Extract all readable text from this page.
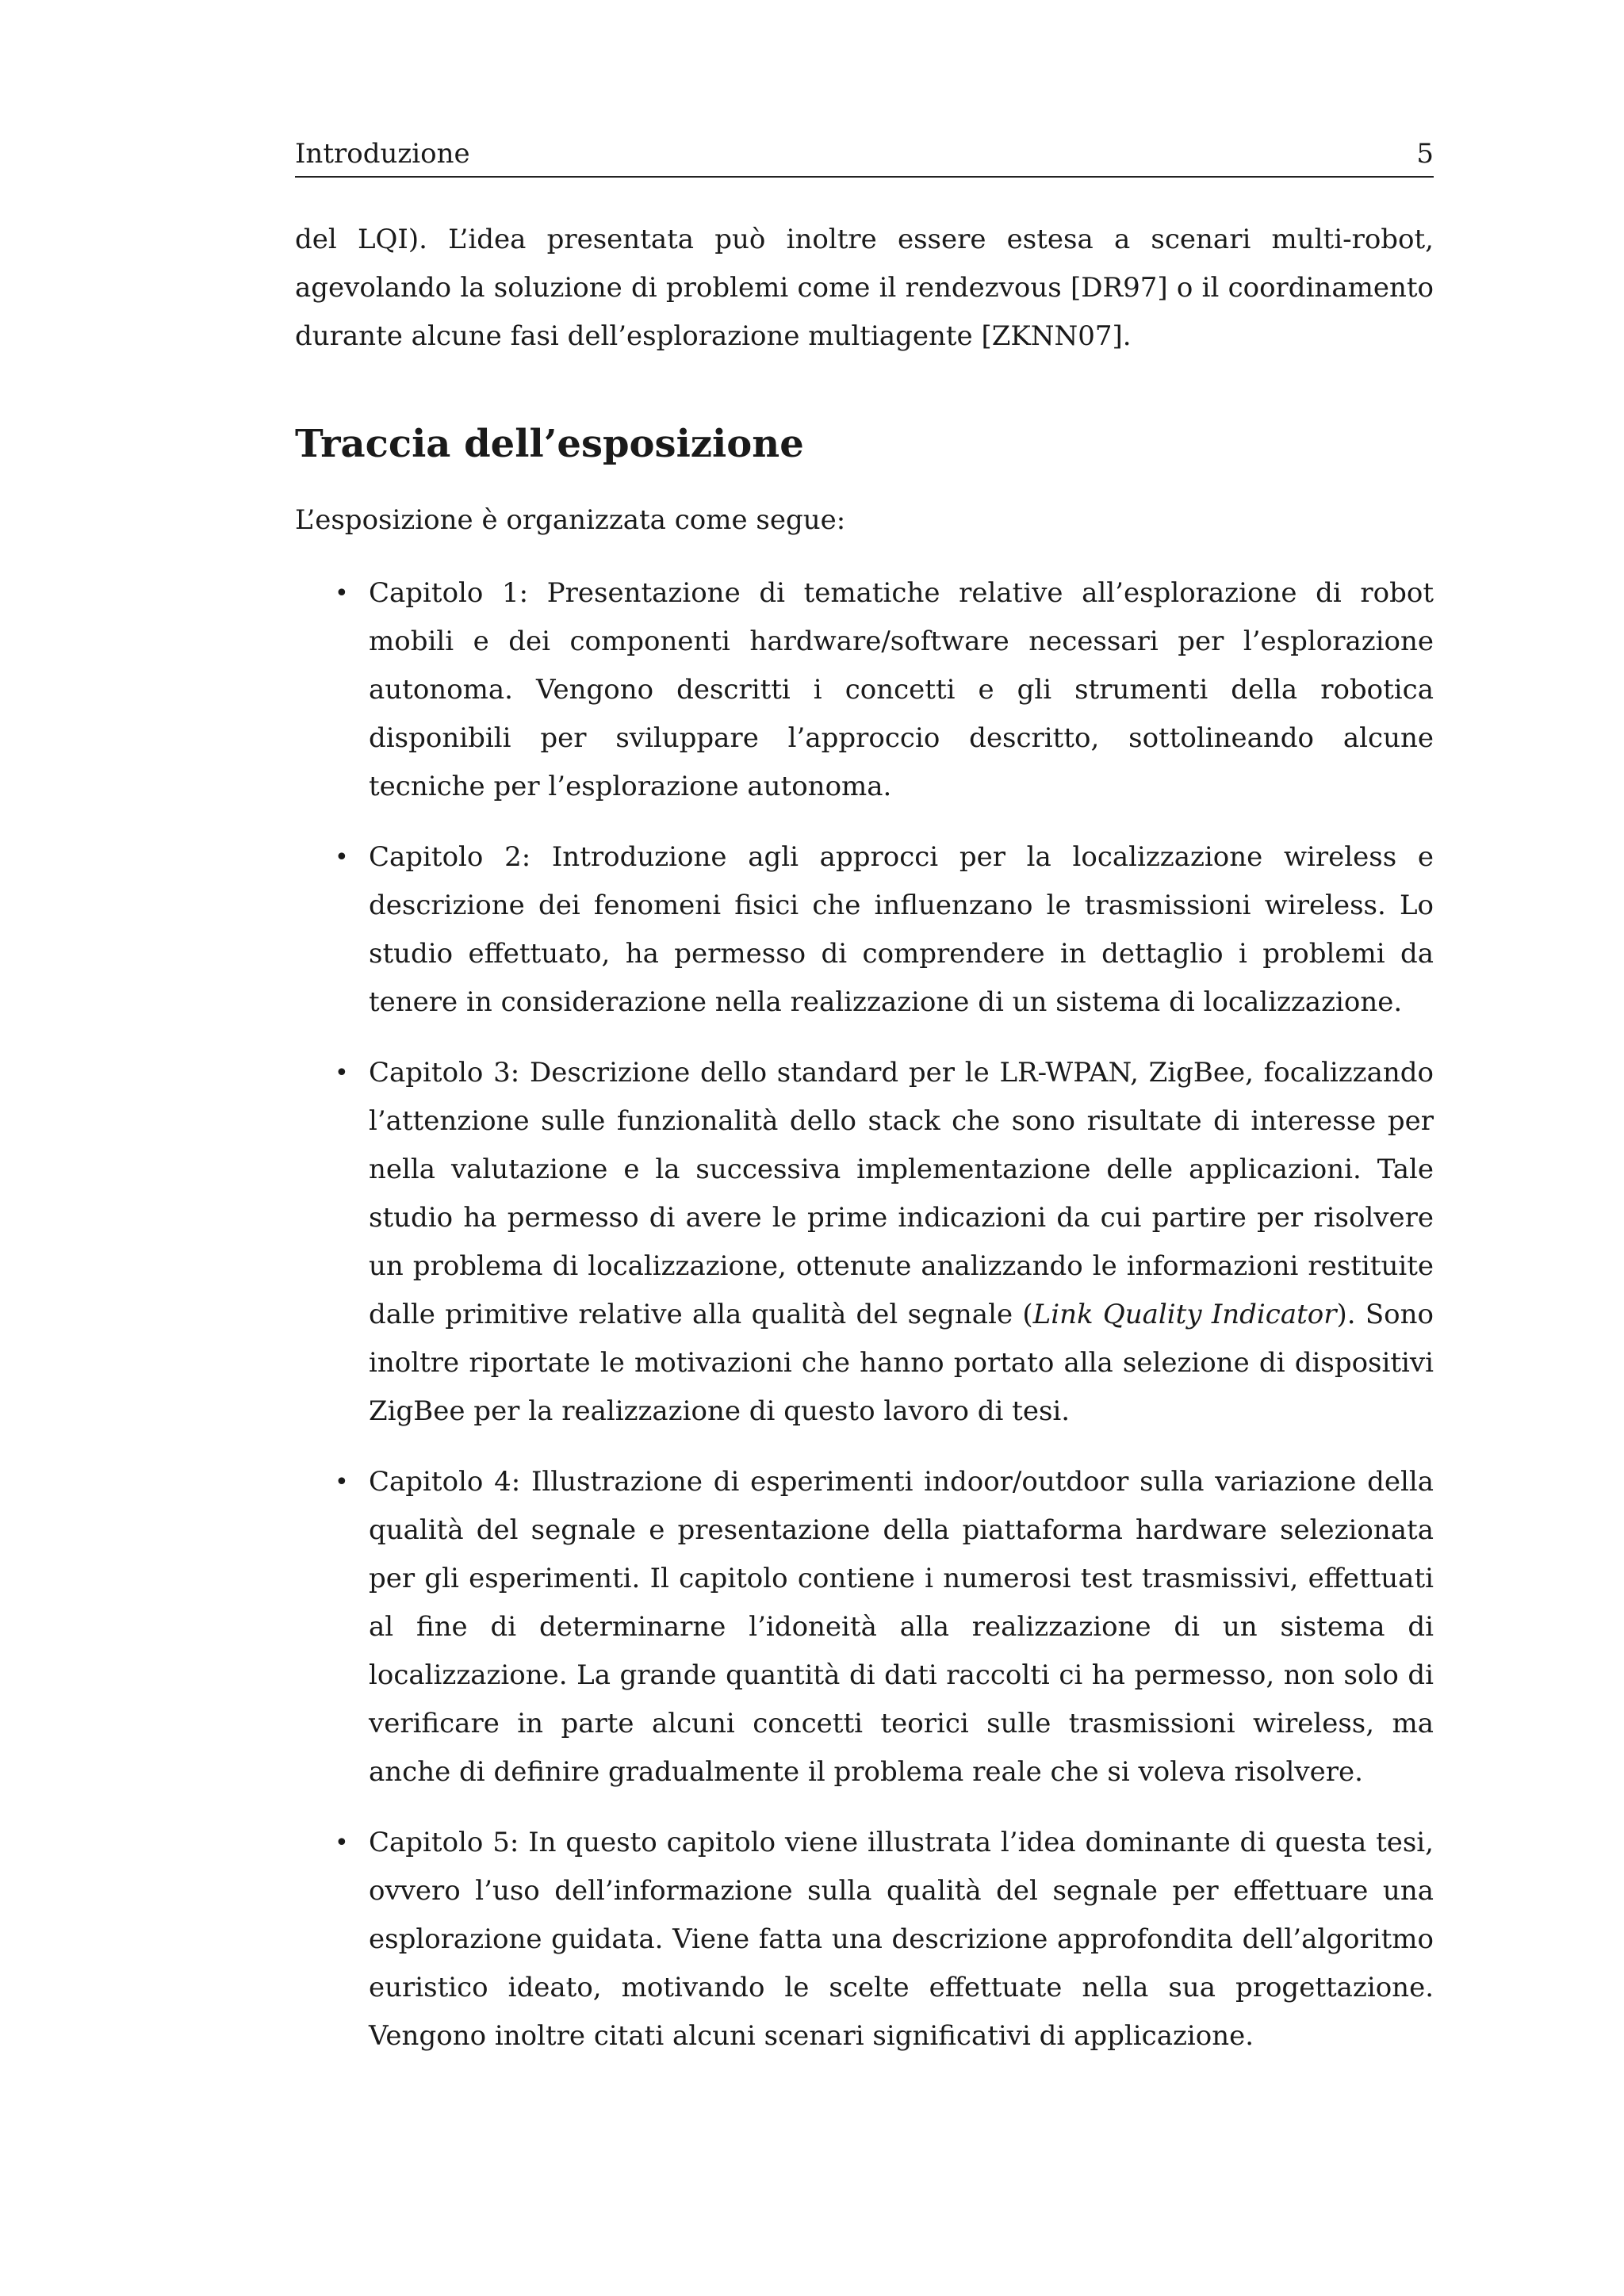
Introduzione	5

del LQI). L’idea presentata può inoltre essere estesa a scenari multi-robot, agevolando la soluzione di problemi come il rendezvous [DR97] o il coordinamento durante alcune fasi dell’esplorazione multiagente [ZKNN07].

Traccia dell’esposizione

L’esposizione è organizzata come segue:

• Capitolo 1: Presentazione di tematiche relative all’esplorazione di robot mobili e dei componenti hardware/software necessari per l’esplorazione autonoma. Vengono descritti i concetti e gli strumenti della robotica disponibili per sviluppare l’approccio descritto, sottolineando alcune tecniche per l’esplorazione autonoma.
• Capitolo 2: Introduzione agli approcci per la localizzazione wireless e descrizione dei fenomeni fisici che influenzano le trasmissioni wireless. Lo studio effettuato, ha permesso di comprendere in dettaglio i problemi da tenere in considerazione nella realizzazione di un sistema di localizzazione.
• Capitolo 3: Descrizione dello standard per le LR-WPAN, ZigBee, focalizzando l’attenzione sulle funzionalità dello stack che sono risultate di interesse per nella valutazione e la successiva implementazione delle applicazioni. Tale studio ha permesso di avere le prime indicazioni da cui partire per risolvere un problema di localizzazione, ottenute analizzando le informazioni restituite dalle primitive relative alla qualità del segnale (Link Quality Indicator). Sono inoltre riportate le motivazioni che hanno portato alla selezione di dispositivi ZigBee per la realizzazione di questo lavoro di tesi.
• Capitolo 4: Illustrazione di esperimenti indoor/outdoor sulla variazione della qualità del segnale e presentazione della piattaforma hardware selezionata per gli esperimenti. Il capitolo contiene i numerosi test trasmissivi, effettuati al fine di determinarne l’idoneità alla realizzazione di un sistema di localizzazione. La grande quantità di dati raccolti ci ha permesso, non solo di verificare in parte alcuni concetti teorici sulle trasmissioni wireless, ma anche di definire gradualmente il problema reale che si voleva risolvere.
• Capitolo 5: In questo capitolo viene illustrata l’idea dominante di questa tesi, ovvero l’uso dell’informazione sulla qualità del segnale per effettuare una esplorazione guidata. Viene fatta una descrizione approfondita dell’algoritmo euristico ideato, motivando le scelte effettuate nella sua progettazione. Vengono inoltre citati alcuni scenari significativi di applicazione.
